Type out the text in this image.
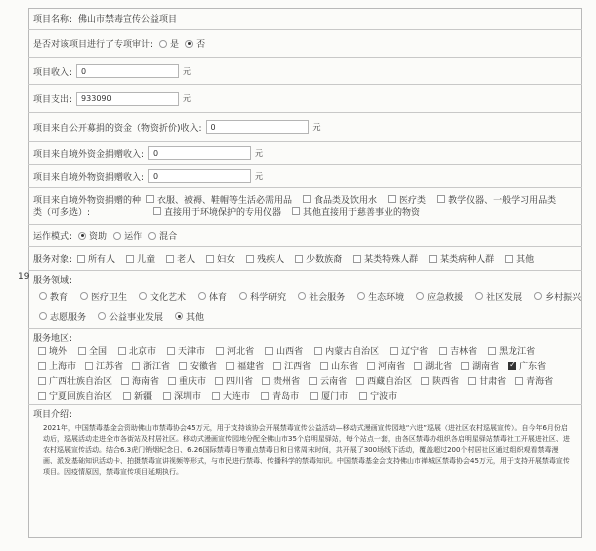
项目名称: 佛山市禁毒宣传公益项目
是否对该项目进行了专项审计: 是 否
项目收入:	0	元
项目支出:	933090	元
项目来自公开募捐的资金（物资折价)收入:	0	元
项目来自境外资金捐赠收入:	0	元
项目来自境外物资捐赠收入:	0	元
项目来自境外物资捐赠的种 衣服、被褥、鞋帽等生活必需用品 食品类及饮用水 医疗类 教学仪器、一般学习用品类
类（可多选）:	直接用于环境保护的专用仪器 其他直接用于慈善事业的物资
运作模式: 资助 运作 混合
服务对象: 所有人 儿童 老人 妇女 残疾人 少数族裔 某类特殊人群 某类病种人群 其他
19 服务领域:
教育	医疗卫生	文化艺术	体育	科学研究	社会服务	生态环境	应急救援	社区发展	乡村振兴
志愿服务	公益事业发展	其他
服务地区:
境外 全国 北京市 天津市 河北省 山西省 内蒙古自治区 辽宁省 吉林省 黑龙江省
上海市 江苏省 浙江省 安徽省 福建省 江西省 山东省 河南省 湖北省 湖南省
✓ 广东省
广西壮族自治区 海南省 重庆市 四川省 贵州省 云南省 西藏自治区 陕西省 甘肃省 青海省
宁夏回族自治区 新疆 深圳市 大连市 青岛市 厦门市 宁波市
项目介绍:
2021年，中国禁毒基金会资助佛山市禁毒协会45万元，用于支持该协会开展禁毒宣传公益活动—移动式漫画宣传园地“六进”巡展（进社区农村巡展宣传）。自今年6月份启动后，巡展活动走进全市各街站及村居社区。移动式漫画宣传园地分配全佛山市35个启明星驿站，每个站点一套，由各区禁毒办组织各启明星驿站禁毒社工开展进社区、进农村巡展宣传活动。结合6.3虎门销烟纪念日、6.26国际禁毒日等重点禁毒日和日常周末时间，共开展了300场线下活动，覆盖超过200个村居社区通过组织观看禁毒漫画、派发基础知识活动卡、拍摄禁毒宣讲视频等形式，与市民进行禁毒、传播科学的禁毒知识。中国禁毒基金会支持佛山市禅城区禁毒协会45万元，用于支持开展禁毒宣传项目。因疫情原因，禁毒宣传项目延期执行。
